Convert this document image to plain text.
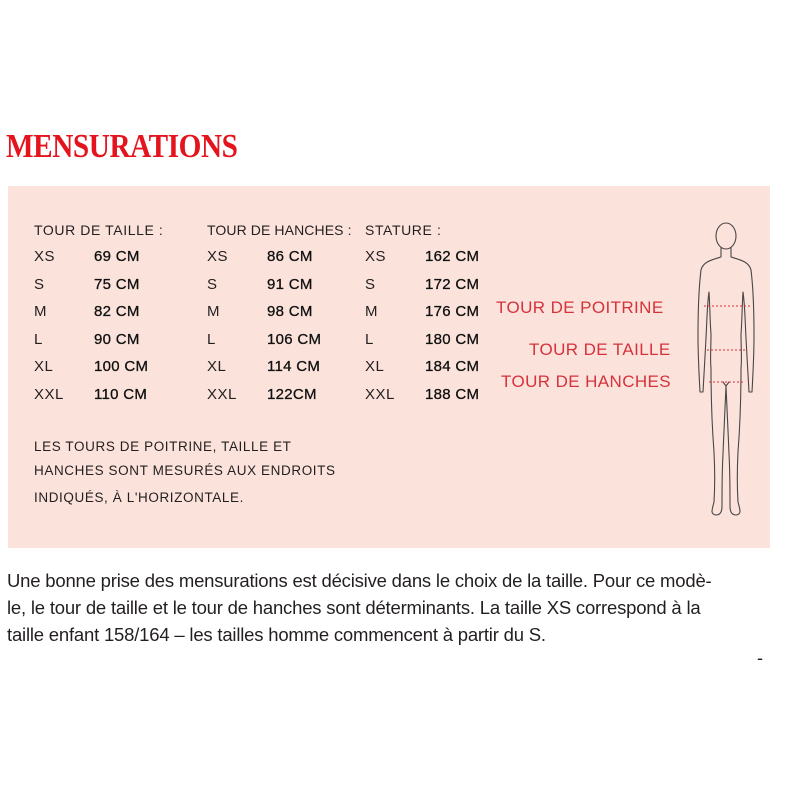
MENSURATIONS
TOUR DE TAILLE :
XS	69 CM
S	75 CM
M	82 CM
L	90 CM
XL	100 CM
XXL 110 CM
TOUR DE HANCHES :
XS	86 CM
S	91 CM
M	98 CM
L	106 CM
XL	114 CM
XXL 122CM
STATURE :
XS	162 CM
S	172 CM
M	176 CM
L	180 CM
XL	184 CM
XXL 188 CM
LES TOURS DE POITRINE, TAILLE ET
HANCHES SONT MESURÉS AUX ENDROITS
INDIQUÉS, À L'HORIZONTALE.
TOUR DE POITRINE
TOUR DE TAILLE
TOUR DE HANCHES
Une bonne prise des mensurations est décisive dans le choix de la taille. Pour ce modè-
le, le tour de taille et le tour de hanches sont déterminants. La taille XS correspond à la
taille enfant 158/164 – les tailles homme commencent à partir du S.
-
